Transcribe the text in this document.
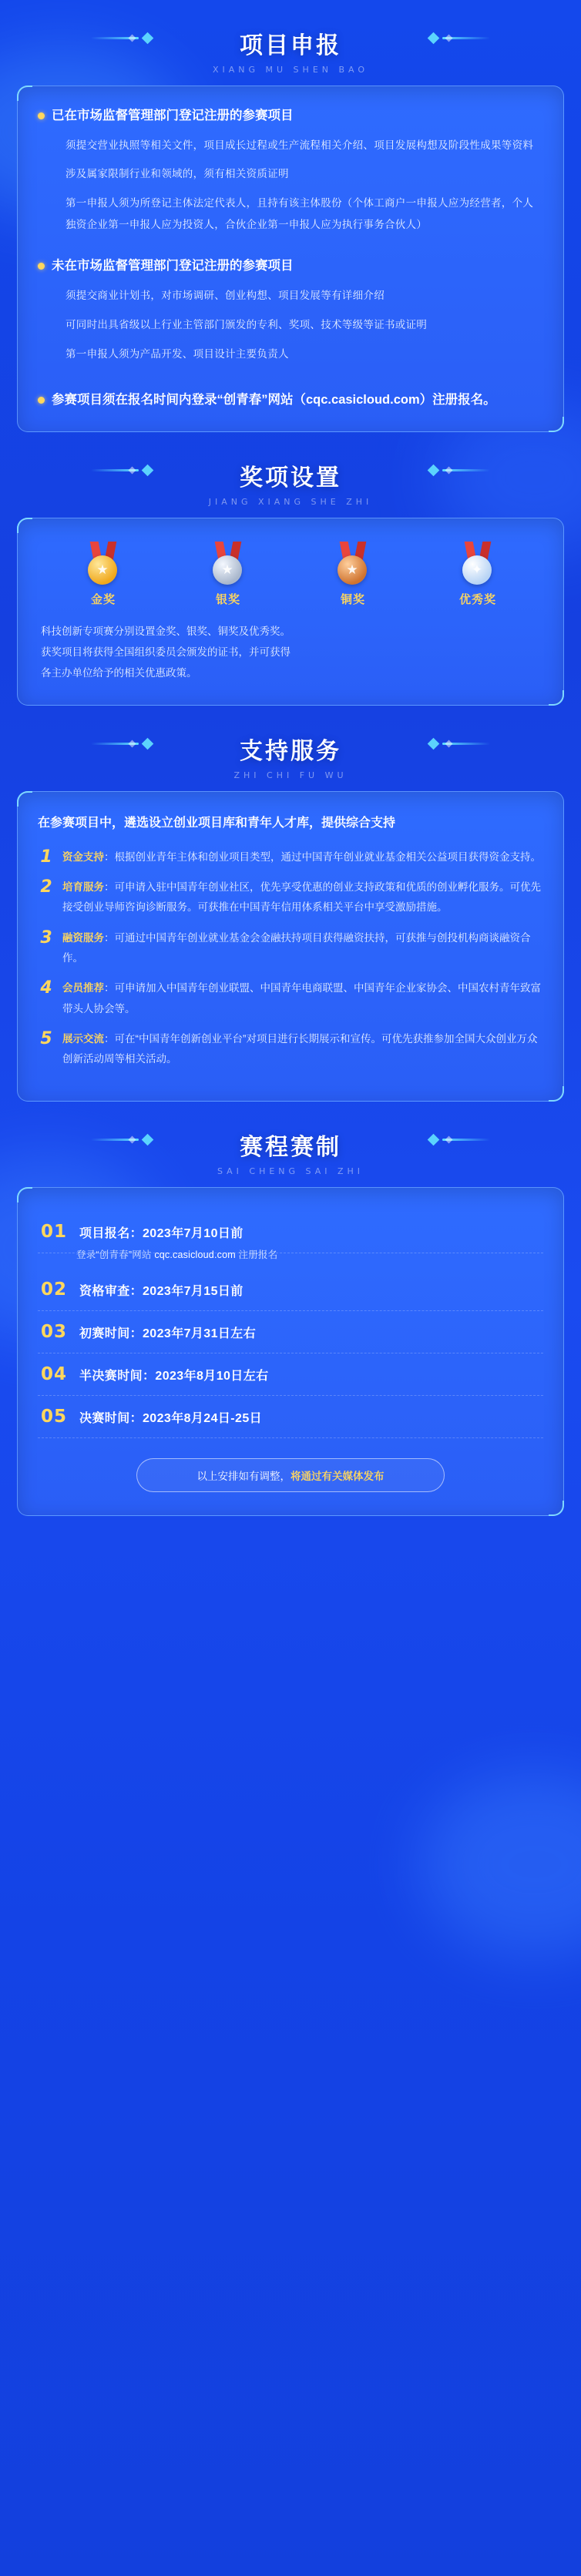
项目申报
XIANG MU SHEN BAO
已在市场监督管理部门登记注册的参赛项目
须提交营业执照等相关文件，项目成长过程或生产流程相关介绍、项目发展构想及阶段性成果等资料
涉及属家限制行业和领域的，须有相关资质证明
第一申报人须为所登记主体法定代表人，且持有该主体股份（个体工商户一申报人应为经营者，个人独资企业第一申报人应为投资人，合伙企业第一申报人应为执行事务合伙人）
未在市场监督管理部门登记注册的参赛项目
须提交商业计划书，对市场调研、创业构想、项目发展等有详细介绍
可同时出具省级以上行业主管部门颁发的专利、奖项、技术等级等证书或证明
第一申报人须为产品开发、项目设计主要负责人
参赛项目须在报名时间内登录“创青春”网站（cqc.casicloud.com）注册报名。
奖项设置
JIANG XIANG SHE ZHI
★
金奖
★
银奖
★
铜奖
✦
优秀奖
科技创新专项赛分别设置金奖、银奖、铜奖及优秀奖。
获奖项目将获得全国组织委员会颁发的证书，并可获得
各主办单位给予的相关优惠政策。
支持服务
ZHI CHI FU WU
在参赛项目中，遴选设立创业项目库和青年人才库，提供综合支持
1 资金支持：根据创业青年主体和创业项目类型，通过中国青年创业就业基金相关公益项目获得资金支持。
2 培育服务：可申请入驻中国青年创业社区，优先享受优惠的创业支持政策和优质的创业孵化服务。可优先接受创业导师咨询诊断服务。可获推在中国青年信用体系相关平台中享受激励措施。
3 融资服务：可通过中国青年创业就业基金会金融扶持项目获得融资扶持，可获推与创投机构商谈融资合作。
4 会员推荐：可申请加入中国青年创业联盟、中国青年电商联盟、中国青年企业家协会、中国农村青年致富带头人协会等。
5 展示交流：可在“中国青年创新创业平台”对项目进行长期展示和宣传。可优先获推参加全国大众创业万众创新活动周等相关活动。
赛程赛制
SAI CHENG SAI ZHI
01 项目报名：2023年7月10日前
登录“创青春”网站 cqc.casicloud.com 注册报名
02 资格审查：2023年7月15日前
03 初赛时间：2023年7月31日左右
04 半决赛时间：2023年8月10日左右
05 决赛时间：2023年8月24日-25日
以上安排如有调整，将通过有关媒体发布
